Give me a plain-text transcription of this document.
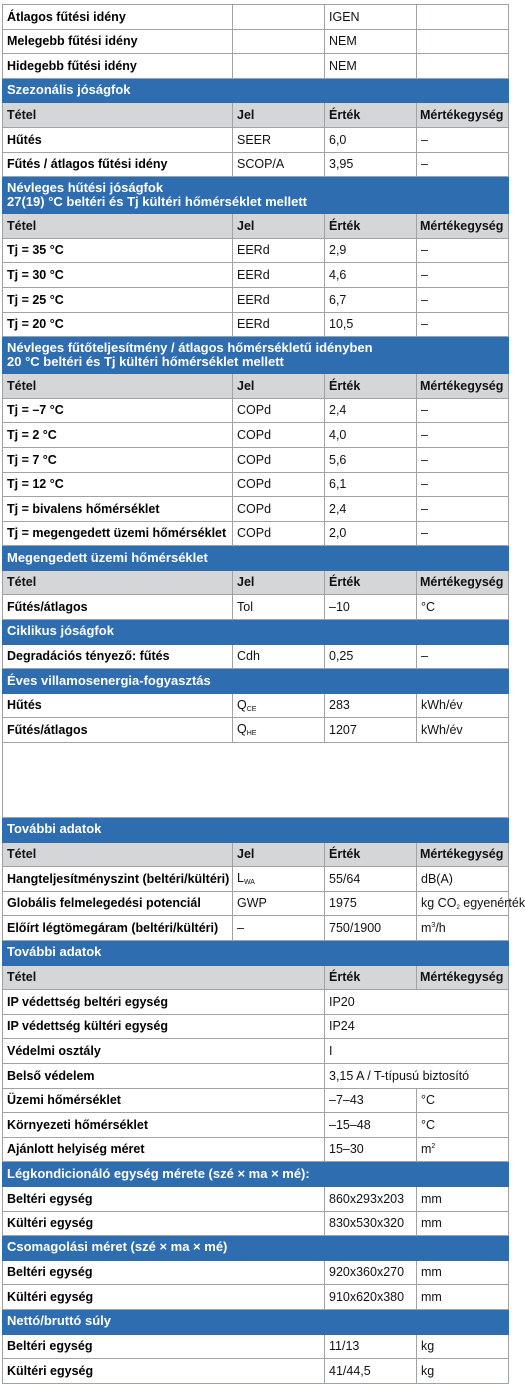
Átlagos fűtési idény		IGEN	
Melegebb fűtési idény		NEM	
Hidegebb fűtési idény		NEM	
Szezonális jóságfok			
Tétel	Jel	Érték	Mértékegység
Hűtés	SEER	6,0	–
Fűtés / átlagos fűtési idény	SCOP/A	3,95	–
Névleges hűtési jóságfok
27(19) °C beltéri és Tj kültéri hőmérséklet mellett			
Tétel	Jel	Érték	Mértékegység
Tj = 35 °C	EERd	2,9	–
Tj = 30 °C	EERd	4,6	–
Tj = 25 °C	EERd	6,7	–
Tj = 20 °C	EERd	10,5	–
Névleges fűtőteljesítmény / átlagos hőmérsékletű idényben
20 °C beltéri és Tj kültéri hőmérséklet mellett			
Tétel	Jel	Érték	Mértékegység
Tj = –7 °C	COPd	2,4	–
Tj = 2 °C	COPd	4,0	–
Tj = 7 °C	COPd	5,6	–
Tj = 12 °C	COPd	6,1	–
Tj = bivalens hőmérséklet	COPd	2,4	–
Tj = megengedett üzemi hőmérséklet	COPd	2,0	–
Megengedett üzemi hőmérséklet			
Tétel	Jel	Érték	Mértékegység
Fűtés/átlagos	Tol	–10	°C
Ciklikus jóságfok			
Degradációs tényező: fűtés	Cdh	0,25	–
Éves villamosenergia-fogyasztás			
Hűtés	$Q_{CE}$	283	kWh/év
Fűtés/átlagos	$Q_{HE}$	1207	kWh/év

További adatok			
Tétel	Jel	Érték	Mértékegység
Hangteljesítményszint (beltéri/kültéri)	$L_{WA}$	55/64	dB(A)
Globális felmelegedési potenciál	GWP	1975	kg $CO_2$ egyenérték
Előírt légtömegáram (beltéri/kültéri)	–	750/1900	$m^3/h$
További adatok			
Tétel		Érték	Mértékegység
IP védettség beltéri egység		IP20	
IP védettség kültéri egység		IP24	
Védelmi osztály		I	
Belső védelem		3,15 A / T-típusú biztosító	
Üzemi hőmérséklet		–7–43	°C
Környezeti hőmérséklet		–15–48	°C
Ajánlott helyiség méret		15–30	$m^2$
Légkondicionáló egység mérete (szé × ma × mé):			
Beltéri egység		860x293x203	mm
Kültéri egység		830x530x320	mm
Csomagolási méret (szé × ma × mé)			
Beltéri egység		920x360x270	mm
Kültéri egység		910x620x380	mm
Nettó/bruttó súly			
Beltéri egység		11/13	kg
Kültéri egység		41/44,5	kg
